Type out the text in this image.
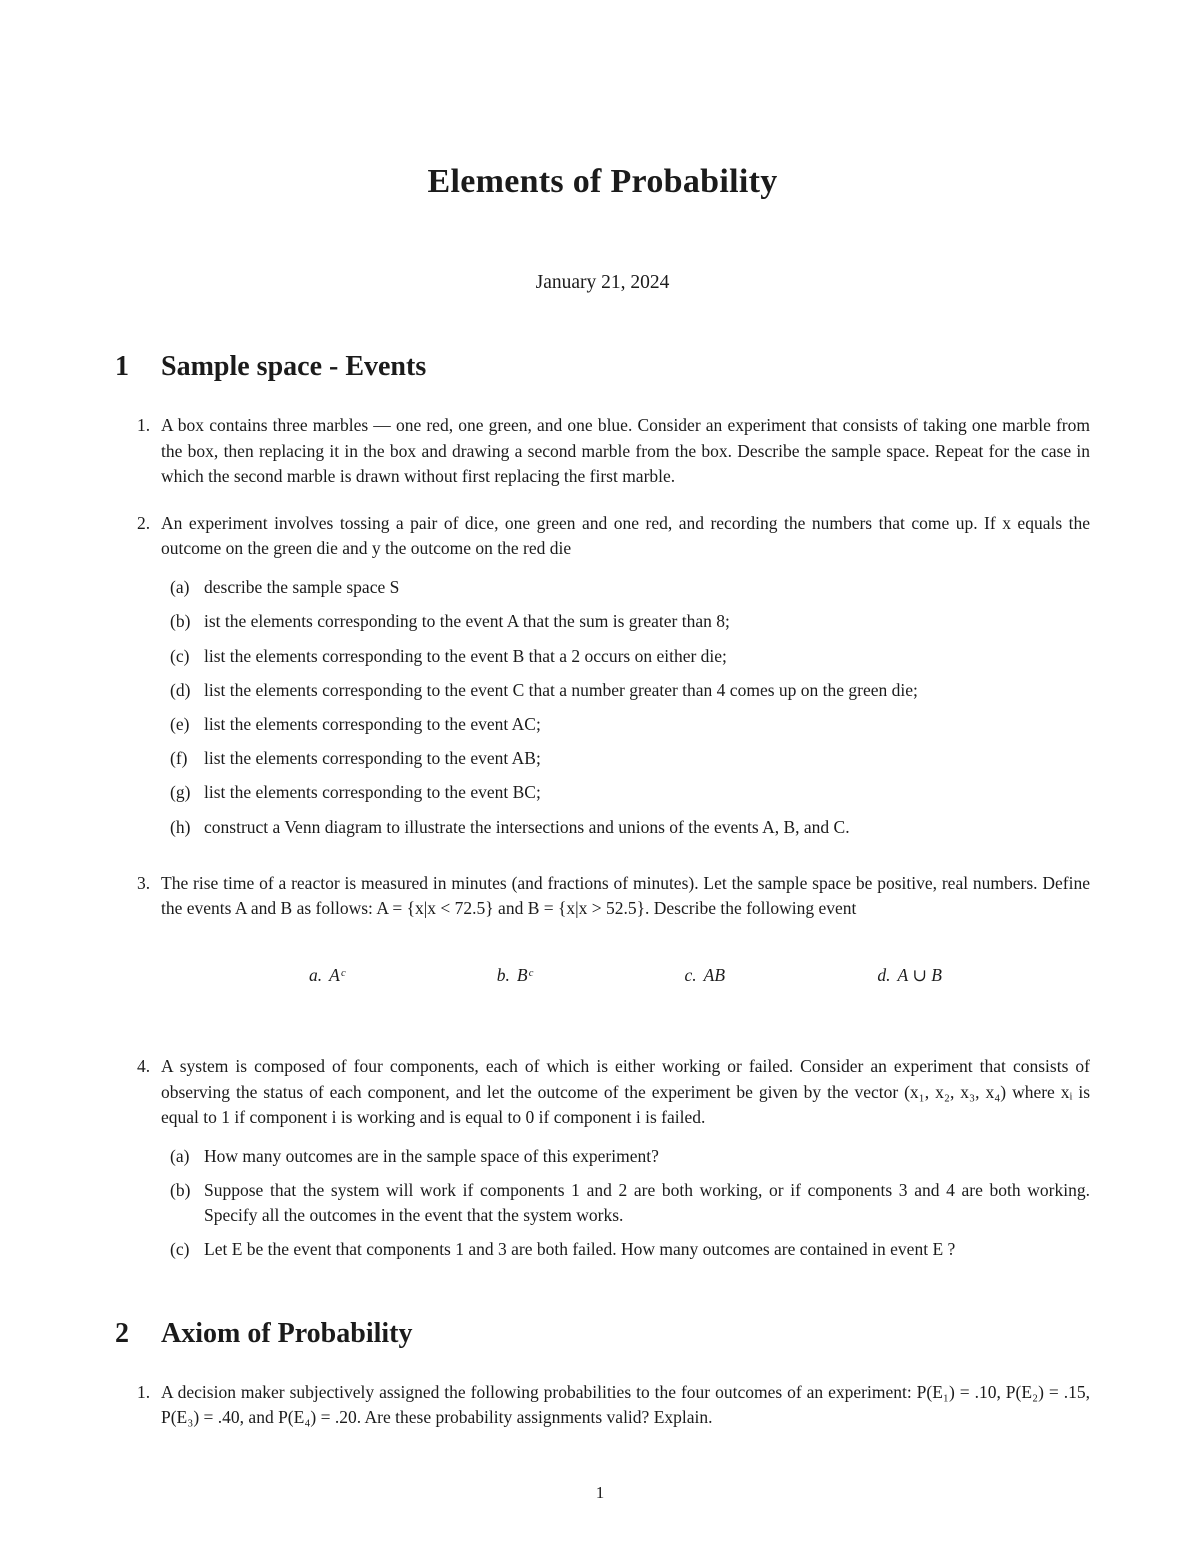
Elements of Probability
January 21, 2024
1	Sample space - Events
1. A box contains three marbles — one red, one green, and one blue. Consider an experiment that consists of taking one marble from the box, then replacing it in the box and drawing a second marble from the box. Describe the sample space. Repeat for the case in which the second marble is drawn without first replacing the first marble.
2. An experiment involves tossing a pair of dice, one green and one red, and recording the numbers that come up. If x equals the outcome on the green die and y the outcome on the red die
(a) describe the sample space S
(b) ist the elements corresponding to the event A that the sum is greater than 8;
(c) list the elements corresponding to the event B that a 2 occurs on either die;
(d) list the elements corresponding to the event C that a number greater than 4 comes up on the green die;
(e) list the elements corresponding to the event AC;
(f) list the elements corresponding to the event AB;
(g) list the elements corresponding to the event BC;
(h) construct a Venn diagram to illustrate the intersections and unions of the events A, B, and C.
3. The rise time of a reactor is measured in minutes (and fractions of minutes). Let the sample space be positive, real numbers. Define the events A and B as follows: A = {x|x < 72.5} and B = {x|x > 52.5}. Describe the following event
a. Aᶜ	b. Bᶜ	c. AB	d. A ∪ B
4. A system is composed of four components, each of which is either working or failed. Consider an experiment that consists of observing the status of each component, and let the outcome of the experiment be given by the vector (x₁, x₂, x₃, x₄) where xᵢ is equal to 1 if component i is working and is equal to 0 if component i is failed.
(a) How many outcomes are in the sample space of this experiment?
(b) Suppose that the system will work if components 1 and 2 are both working, or if components 3 and 4 are both working. Specify all the outcomes in the event that the system works.
(c) Let E be the event that components 1 and 3 are both failed. How many outcomes are contained in event E ?
2	Axiom of Probability
1. A decision maker subjectively assigned the following probabilities to the four outcomes of an experiment: P(E₁) = .10, P(E₂) = .15, P(E₃) = .40, and P(E₄) = .20. Are these probability assignments valid? Explain.
1
